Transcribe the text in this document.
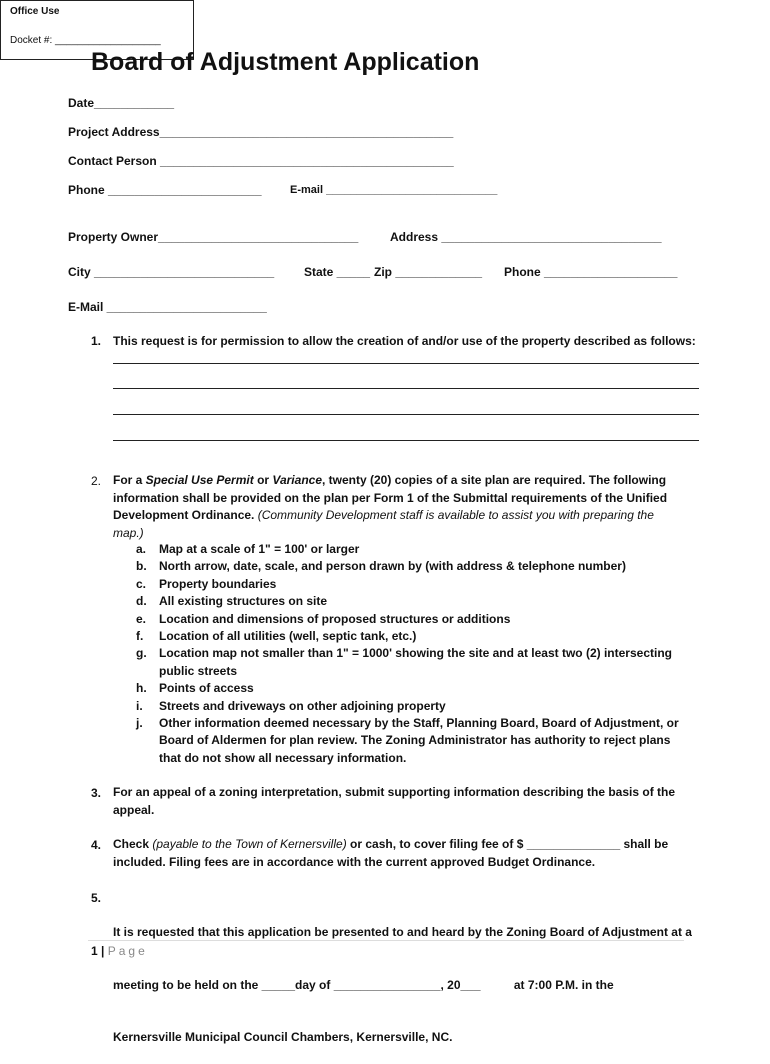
Board of Adjustment Application
Office Use
Docket #: ___________________
Date____________
Project Address____________________________________________
Contact Person ____________________________________________
Phone _______________________	E-mail ____________________________
Property Owner______________________________	Address _________________________________
City ___________________________ State _____ Zip _____________ Phone ____________________
E-Mail ________________________
1. This request is for permission to allow the creation of and/or use of the property described as follows:
2. For a Special Use Permit or Variance, twenty (20) copies of a site plan are required. The following
information shall be provided on the plan per Form 1 of the Submittal requirements of the Unified
Development Ordinance. (Community Development staff is available to assist you with preparing the
map.)
a.	Map at a scale of 1" = 100' or larger
b.	North arrow, date, scale, and person drawn by (with address & telephone number)
c.	Property boundaries
d.	All existing structures on site
e.	Location and dimensions of proposed structures or additions
f.	Location of all utilities (well, septic tank, etc.)
g.	Location map not smaller than 1" = 1000' showing the site and at least two (2) intersecting
public streets
h.	Points of access
i.	Streets and driveways on other adjoining property
j.	Other information deemed necessary by the Staff, Planning Board, Board of Adjustment, or
Board of Aldermen for plan review. The Zoning Administrator has authority to reject plans
that do not show all necessary information.
3. For an appeal of a zoning interpretation, submit supporting information describing the basis of the
appeal.
4. Check (payable to the Town of Kernersville) or cash, to cover filing fee of $ ______________ shall be
included. Filing fees are in accordance with the current approved Budget Ordinance.
5.

It is requested that this application be presented to and heard by the Zoning Board of Adjustment at a

meeting to be held on the _____day of ________________, 20___          at 7:00 P.M. in the

Kernersville Municipal Council Chambers, Kernersville, NC.

1 | Page
